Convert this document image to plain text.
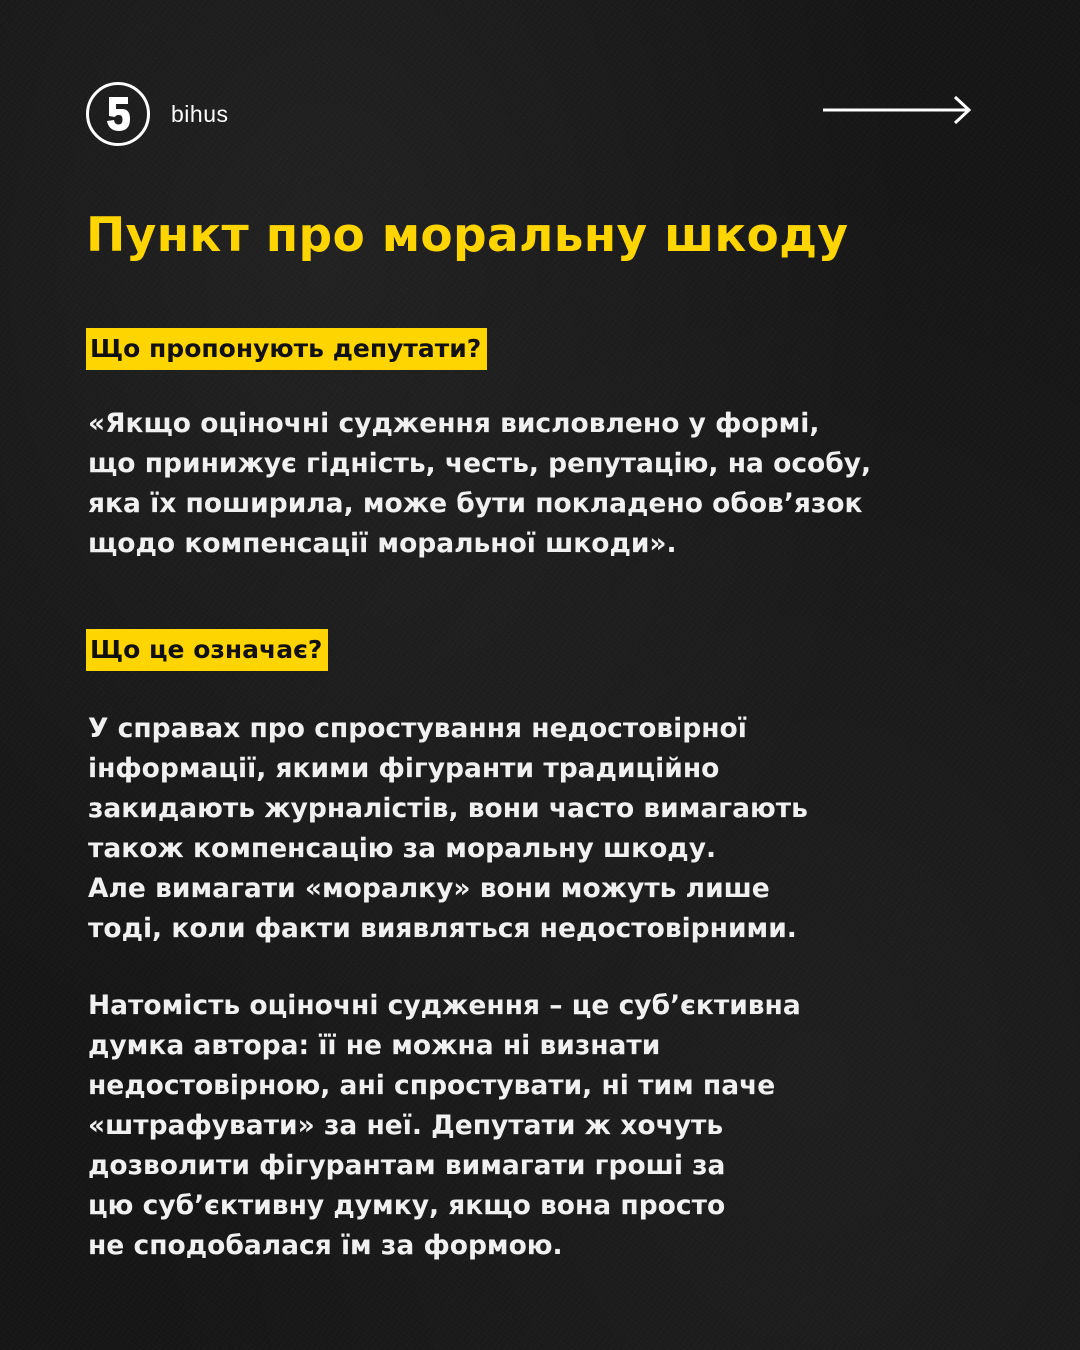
bihus
Пункт про моральну шкоду
Що пропонують депутати?

«Якщо оціночні судження висловлено у формі,
що принижує гідність, честь, репутацію, на особу,
яка їх поширила, може бути покладено обов’язок
щодо компенсації моральної шкоди».

Що це означає?

У справах про спростування недостовірної
інформації, якими фігуранти традиційно
закидають журналістів, вони часто вимагають
також компенсацію за моральну шкоду.
Але вимагати «моралку» вони можуть лише
тоді, коли факти виявляться недостовірними.

Натомість оціночні судження – це суб’єктивна
думка автора: її не можна ні визнати
недостовірною, ані спростувати, ні тим паче
«штрафувати» за неї. Депутати ж хочуть
дозволити фігурантам вимагати гроші за
цю суб’єктивну думку, якщо вона просто
не сподобалася їм за формою.
